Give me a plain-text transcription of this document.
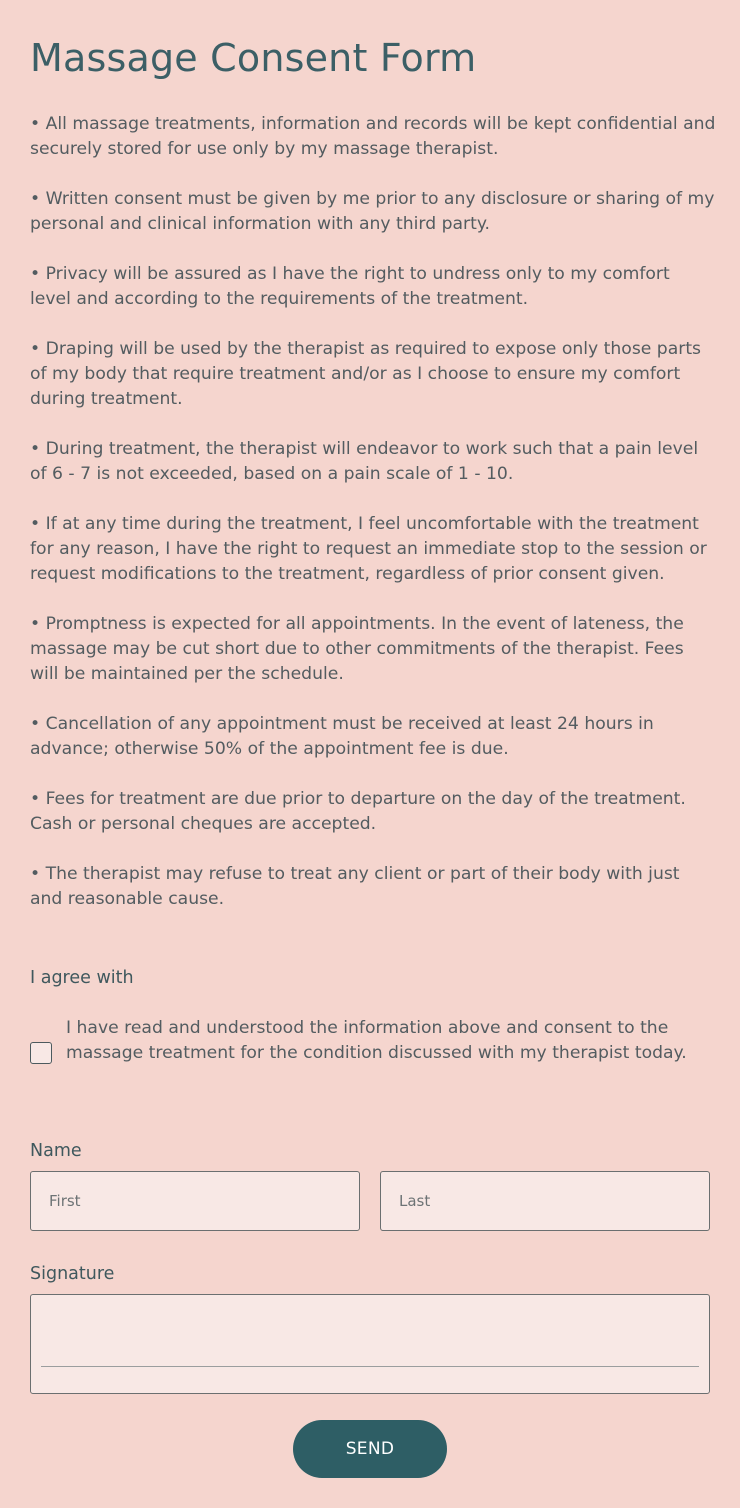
Massage Consent Form

• All massage treatments, information and records will be kept confidential and securely stored for use only by my massage therapist.

• Written consent must be given by me prior to any disclosure or sharing of my personal and clinical information with any third party.

• Privacy will be assured as I have the right to undress only to my comfort level and according to the requirements of the treatment.

• Draping will be used by the therapist as required to expose only those parts of my body that require treatment and/or as I choose to ensure my comfort during treatment.

• During treatment, the therapist will endeavor to work such that a pain level of 6 - 7 is not exceeded, based on a pain scale of 1 - 10.

• If at any time during the treatment, I feel uncomfortable with the treatment for any reason, I have the right to request an immediate stop to the session or request modifications to the treatment, regardless of prior consent given.

• Promptness is expected for all appointments. In the event of lateness, the massage may be cut short due to other commitments of the therapist. Fees will be maintained per the schedule.

• Cancellation of any appointment must be received at least 24 hours in advance; otherwise 50% of the appointment fee is due.

• Fees for treatment are due prior to departure on the day of the treatment. Cash or personal cheques are accepted.

• The therapist may refuse to treat any client or part of their body with just and reasonable cause.

I agree with
I have read and understood the information above and consent to the massage treatment for the condition discussed with my therapist today.
Name
First
Last
Signature
SEND
